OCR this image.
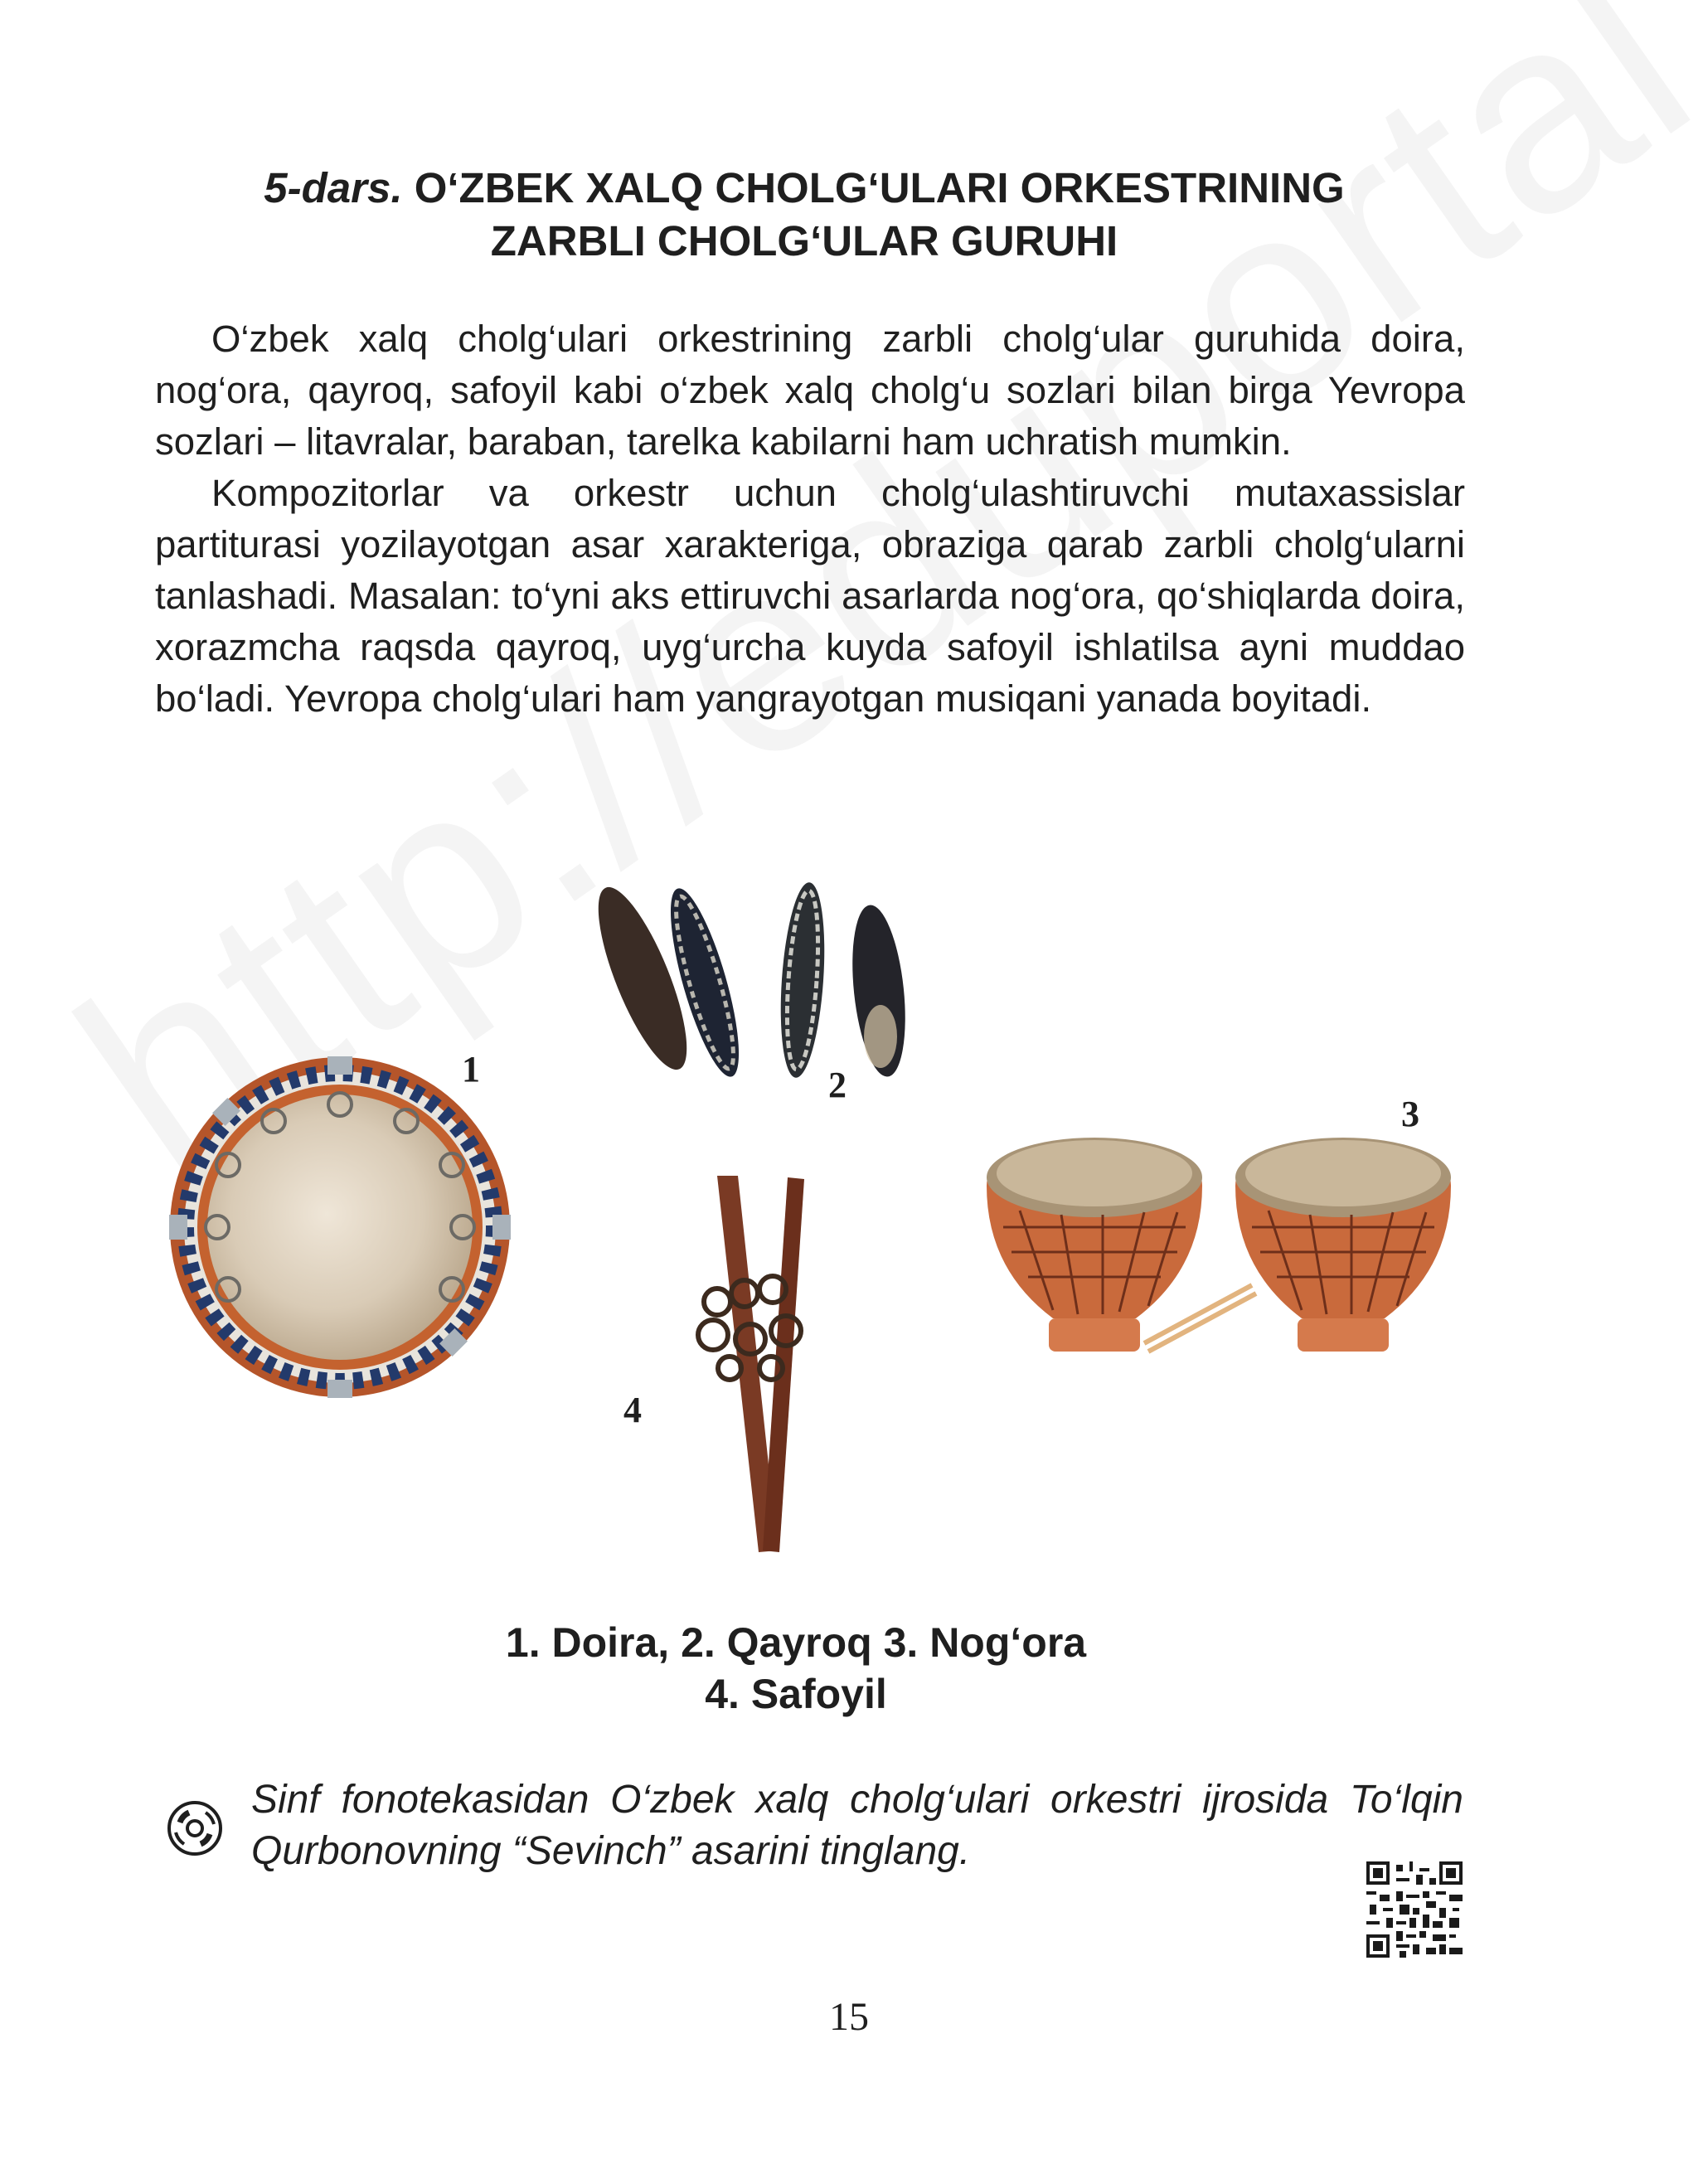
5-dars. O‘ZBEK XALQ CHOLG‘ULARI ORKESTRINING
ZARBLI CHOLG‘ULAR GURUHI

O‘zbek xalq cholg‘ulari orkestrining zarbli cholg‘ular guruhida doira, nog‘ora, qayroq, safoyil kabi o‘zbek xalq cholg‘u sozlari bilan birga Yevropa sozlari – litavralar, baraban, tarelka kabilarni ham uchratish mumkin.

Kompozitorlar va orkestr uchun cholg‘ulashtiruvchi mutaxassislar partiturasi yozilayotgan asar xarakteriga, obraziga qarab zarbli cholg‘ularni tanlashadi. Masalan: to‘yni aks ettiruvchi asarlarda nog‘ora, qo‘shiqlarda doira, xorazmcha raqsda qayroq, uyg‘urcha kuyda safoyil ishlatilsa ayni muddao bo‘ladi. Yevropa cholg‘ulari ham yangrayotgan musiqani yanada boyitadi.

1	2
3
4
1. Doira, 2. Qayroq 3. Nog‘ora
4. Safoyil
Sinf fonotekasidan O‘zbek xalq cholg‘ulari orkestri ijrosida To‘lqin Qurbonovning “Sevinch” asarini tinglang.
15
